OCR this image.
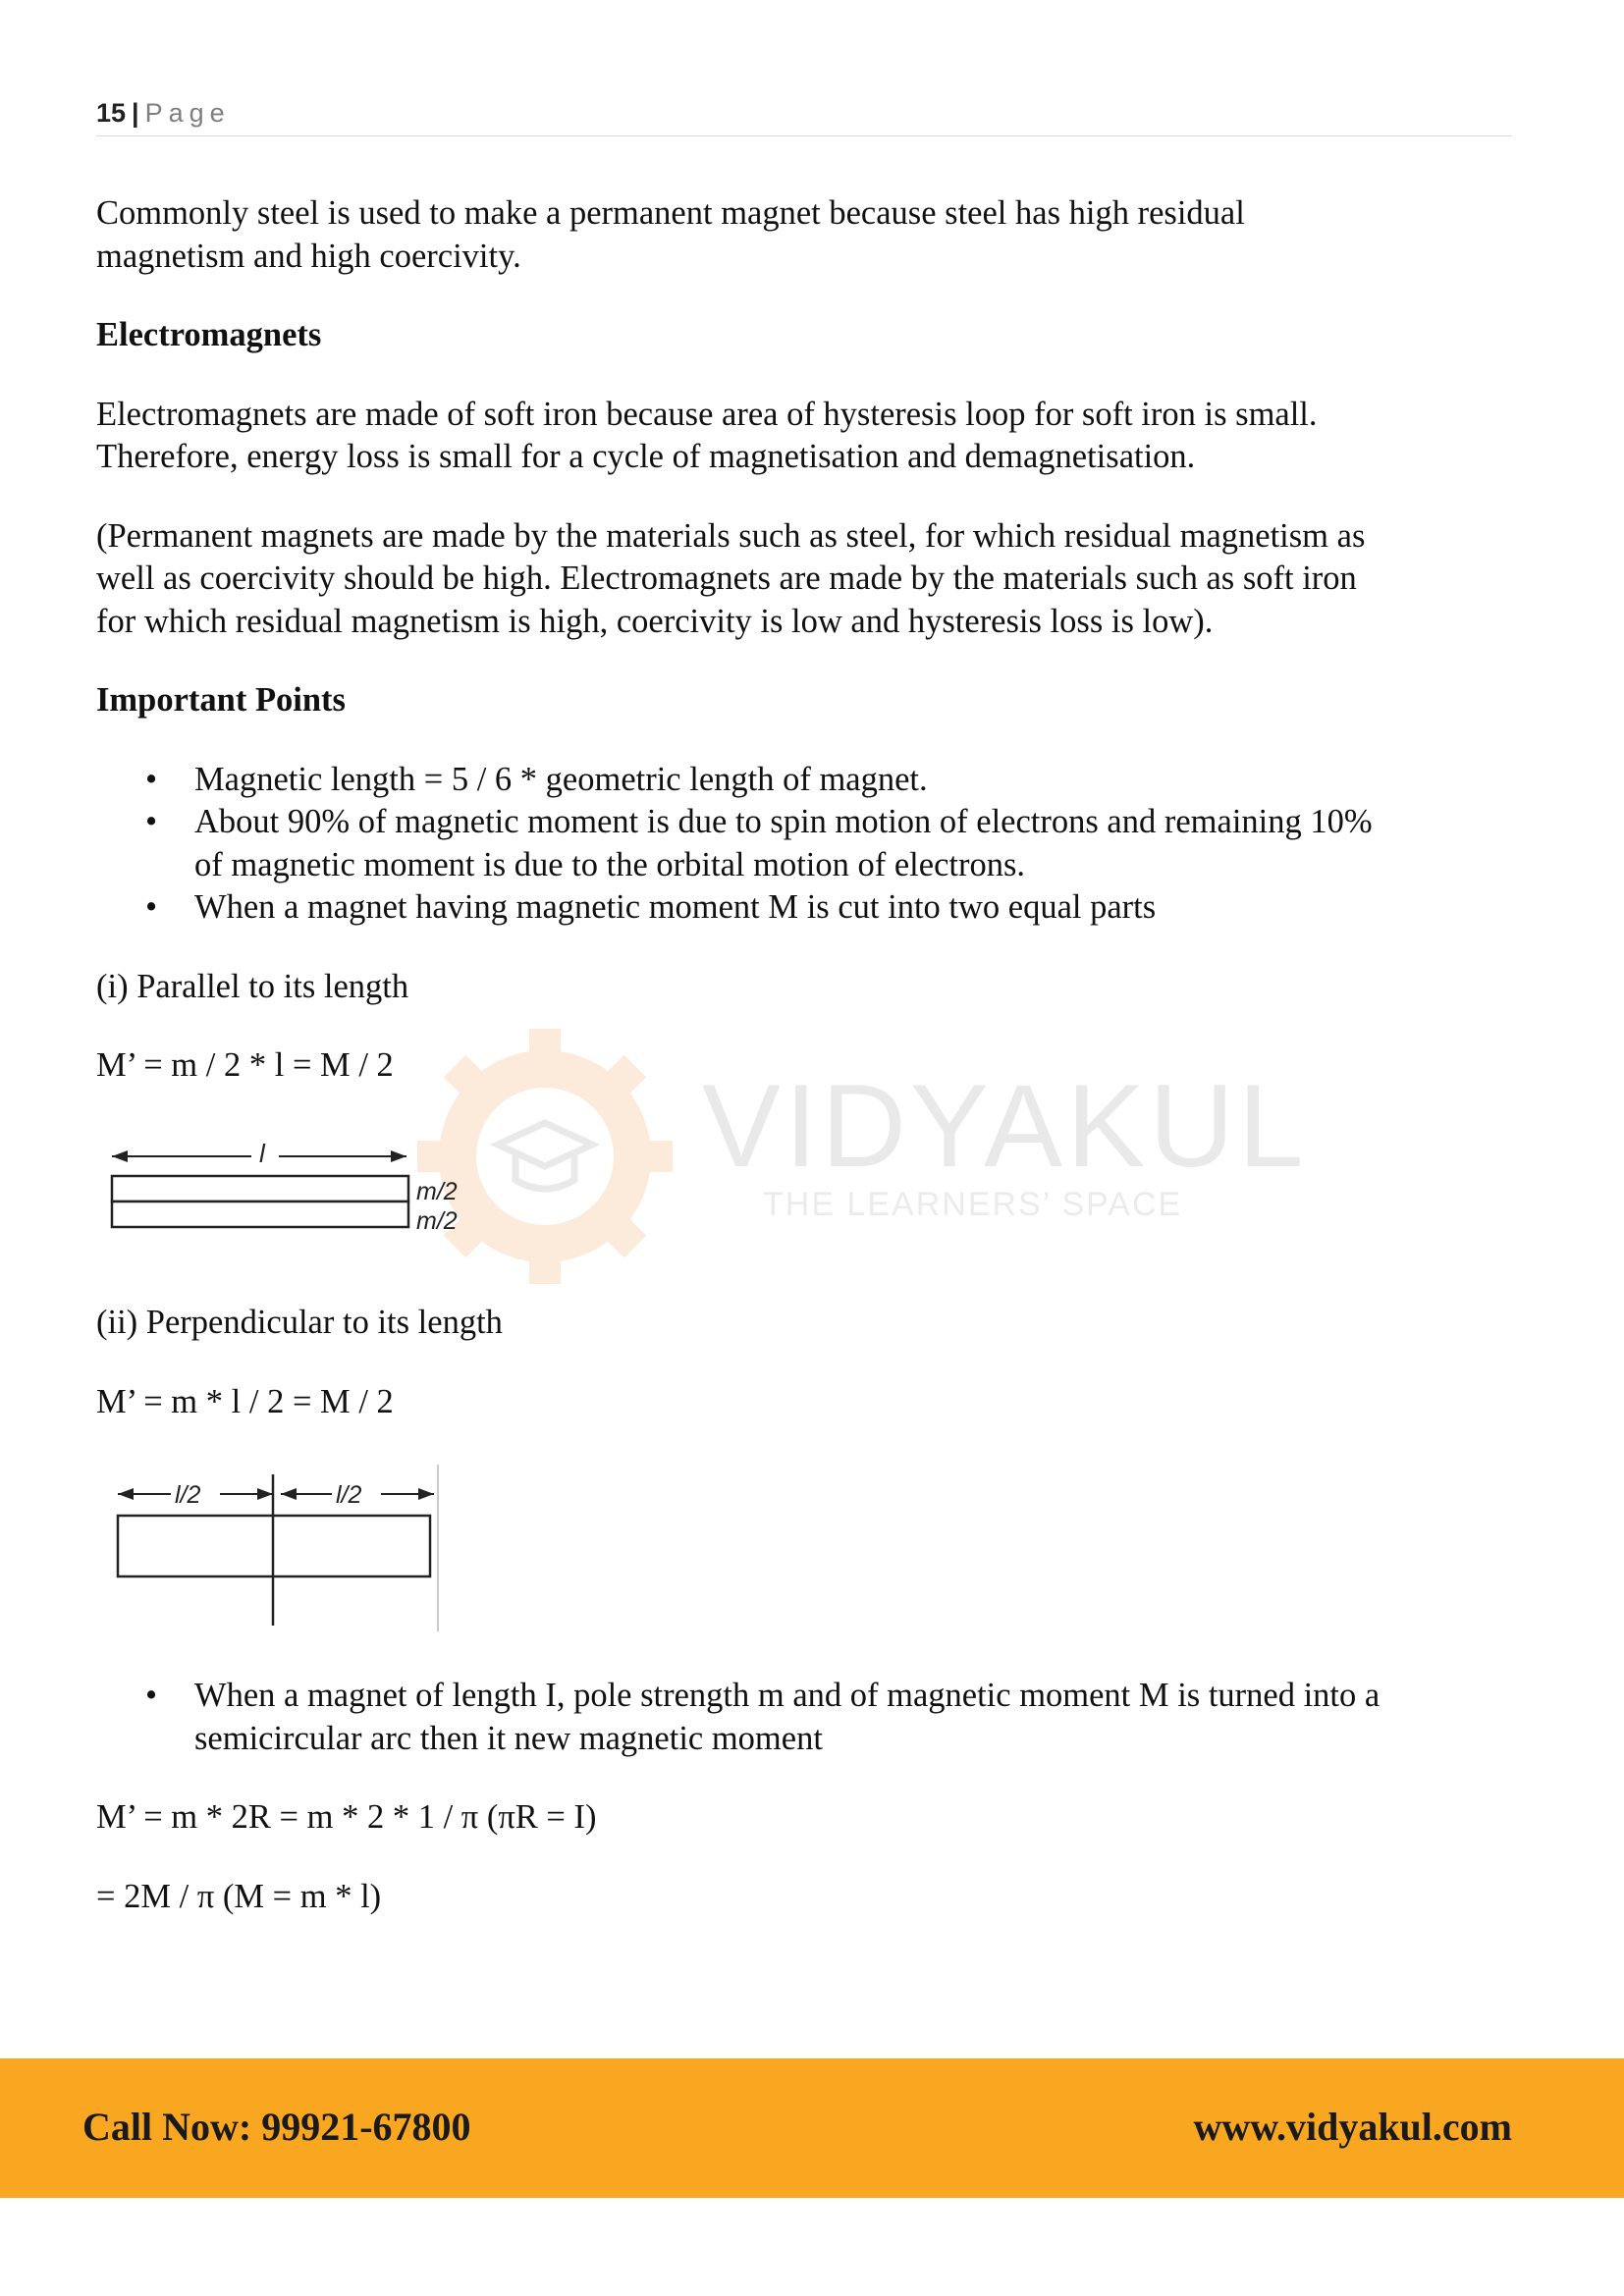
15 | Page
VIDYAKUL
THE LEARNERS’ SPACE

Commonly steel is used to make a permanent magnet because steel has high residual
magnetism and high coercivity.

Electromagnets

Electromagnets are made of soft iron because area of hysteresis loop for soft iron is small.
Therefore, energy loss is small for a cycle of magnetisation and demagnetisation.

(Permanent magnets are made by the materials such as steel, for which residual magnetism as
well as coercivity should be high. Electromagnets are made by the materials such as soft iron
for which residual magnetism is high, coercivity is low and hysteresis loss is low).

Important Points

• Magnetic length = 5 / 6 * geometric length of magnet.
• About 90% of magnetic moment is due to spin motion of electrons and remaining 10%
of magnetic moment is due to the orbital motion of electrons.
• When a magnet having magnetic moment M is cut into two equal parts

(i) Parallel to its length

M’ = m / 2 * l = M / 2

l
m/2
m/2

(ii) Perpendicular to its length

M’ = m * l / 2 = M / 2

l/2	l/2
• When a magnet of length I, pole strength m and of magnetic moment M is turned into a
semicircular arc then it new magnetic moment

M’ = m * 2R = m * 2 * 1 / π (πR = I)

= 2M / π (M = m * l)

Call Now: 99921-67800	www.vidyakul.com
